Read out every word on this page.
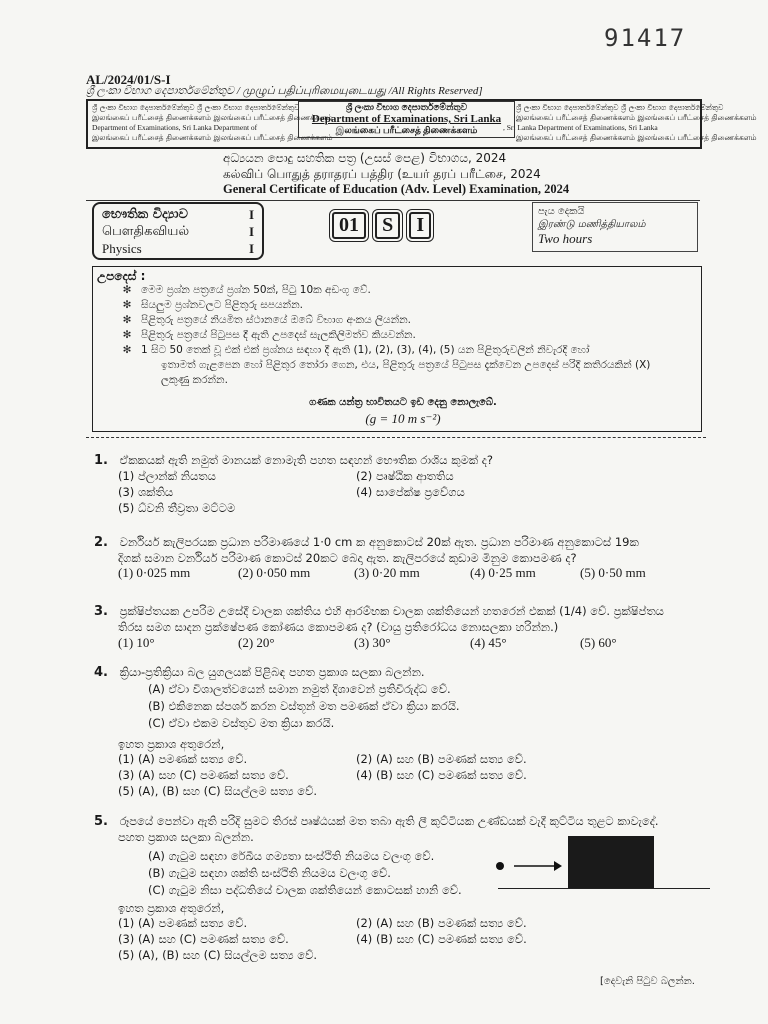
91417
AL/2024/01/S-I
ශ්‍රී ලංකා විභාග දෙපාර්තමේන්තුව / முழுப் பதிப்புரிமையுடையது /All Rights Reserved]
ශ්‍රී ලංකා විභාග දෙපාර්තමේන්තුව ශ්‍රී ලංකා විභාග දෙපාර්තමේන්තුව
இலங்கைப் பரீட்சைத் திணைக்களம் இலங்கைப் பரீட்சைத் திணைக்களம்
Department of Examinations, Sri Lanka Department of
இலங்கைப் பரீட்சைத் திணைக்களம் இலங்கைப் பரீட்சைத் திணைக்களம்
ශ්‍රී ලංකා විභාග දෙපාර්තමේන්තුව ශ්‍රී ලංකා විභාග දෙපාර්තමේන්තුව
இலங்கைப் பரீட்சைத் திணைக்களம் இலங்கைப் பரீட்சைத் திணைக்களம்
, Sri Lanka Department of Examinations, Sri Lanka
இலங்கைப் பரீட்சைத் திணைக்களம் இலங்கைப் பரீட்சைத் திணைக்களம்
ශ්‍රී ලංකා විභාග දෙපාර්තමේන්තුව
Department of Examinations, Sri Lanka
இலங்கைப் பரீட்சைத் திணைக்களம்
අධ්‍යයන පොදු සහතික පත්‍ර (උසස් පෙළ) විභාගය, 2024
கல்விப் பொதுத் தராதரப் பத்திர (உயர் தரப் பரீட்சை, 2024
General Certificate of Education (Adv. Level) Examination, 2024
භෞතික විද්‍යාව	I
பௌதிகவியல்	I
Physics	I
01 S I
පැය දෙකයි
இரண்டு மணித்தியாலம்
Two hours
උපදෙස් :
✻ මෙම ප්‍රශ්න පත්‍රයේ ප්‍රශ්න 50ක්, පිටු 10ක අඩංගු වේ.
✻ සියලුම ප්‍රශ්නවලට පිළිතුරු සපයන්න.
✻ පිළිතුරු පත්‍රයේ නියමිත ස්ථානයේ ඔබේ විභාග අංකය ලියන්න.
✻ පිළිතුරු පත්‍රයේ පිටුපස දී ඇති උපදෙස් සැලකිලිමත්ව කියවන්න.
✻ 1 සිට 50 තෙක් වූ එක් එක් ප්‍රශ්නය සඳහා දී ඇති (1), (2), (3), (4), (5) යන පිළිතුරුවලින් නිවැරදි හෝ
ඉතාමත් ගැළපෙන හෝ පිළිතුර තෝරා ගෙන, එය, පිළිතුරු පත්‍රයේ පිටුපස දැක්වෙන උපදෙස් පරිදි කතිරයකින් (X)
ලකුණු කරන්න.
ගණක යන්ත්‍ර භාවිතයට ඉඩ දෙනු නොලැබේ.
(g = 10 m s⁻²)
1. ඒකකයක් ඇති නමුත් මානයක් නොමැති පහත සඳහන් භෞතික රාශිය කුමක් ද?
(1) ප්ලාන්ක් නියතය	(2) පෘෂ්ඨික ආතතිය
(3) ශක්තිය	(4) සාපේක්ෂ ප්‍රවේගය
(5) ධ්වනි තීව්‍රතා මට්ටම
2. වර්නියර් කැලිපරයක ප්‍රධාන පරිමාණයේ 1·0 cm ක අනුකොටස් 20ක් ඇත. ප්‍රධාන පරිමාණ අනුකොටස් 19ක
දිගක් සමාන වර්නියර් පරිමාණ කොටස් 20කට බෙදා ඇත. කැලිපරයේ කුඩාම මිනුම කොපමණ ද?
(1) 0·025 mm	(2) 0·050 mm	(3) 0·20 mm	(4) 0·25 mm	(5) 0·50 mm
3. ප්‍රක්ෂිප්තයක උපරිම උසේදී චාලක ශක්තිය එහි ආරම්භක චාලක ශක්තියෙන් හතරෙන් එකක් (1/4) වේ. ප්‍රක්ෂිප්තය
තිරස සමග සාදන ප්‍රක්ෂේපණ කෝණය කොපමණ ද? (වායු ප්‍රතිරෝධය නොසලකා හරින්න.)
(1) 10°	(2) 20°	(3) 30°	(4) 45°	(5) 60°
4. ක්‍රියා-ප්‍රතික්‍රියා බල යුගලයක් පිළිබඳ පහත ප්‍රකාශ සලකා බලන්න.
(A) ඒවා විශාලත්වයෙන් සමාන නමුත් දිශාවෙන් ප්‍රතිවිරුද්ධ වේ.
(B) එකිනෙක ස්පර්ශ කරන වස්තූන් මත පමණක් ඒවා ක්‍රියා කරයි.
(C) ඒවා එකම වස්තුව මත ක්‍රියා කරයි.
ඉහත ප්‍රකාශ අතුරෙන්,
(1) (A) පමණක් සත්‍ය වේ.	(2) (A) සහ (B) පමණක් සත්‍ය වේ.
(3) (A) සහ (C) පමණක් සත්‍ය වේ.	(4) (B) සහ (C) පමණක් සත්‍ය වේ.
(5) (A), (B) සහ (C) සියල්ලම සත්‍ය වේ.
5. රූපයේ පෙන්වා ඇති පරිදි සුමට තිරස් පෘෂ්ඨයක් මත තබා ඇති ලී කුට්ටියක උණ්ඩයක් වැදී කුට්ටිය තුළට කාවැදේ.
පහත ප්‍රකාශ සලකා බලන්න.
(A) ගැටුම සඳහා රේඛීය ගම්‍යතා සංස්ථිති නියමය වලංගු වේ.
(B) ගැටුම සඳහා ශක්ති සංස්ථිති නියමය වලංගු වේ.
(C) ගැටුම නිසා පද්ධතියේ චාලක ශක්තියෙන් කොටසක් හානි වේ.
ඉහත ප්‍රකාශ අතුරෙන්,
(1) (A) පමණක් සත්‍ය වේ.	(2) (A) සහ (B) පමණක් සත්‍ය වේ.
(3) (A) සහ (C) පමණක් සත්‍ය වේ.	(4) (B) සහ (C) පමණක් සත්‍ය වේ.
(5) (A), (B) සහ (C) සියල්ලම සත්‍ය වේ.
[දෙවැනි පිටුව බලන්න.
